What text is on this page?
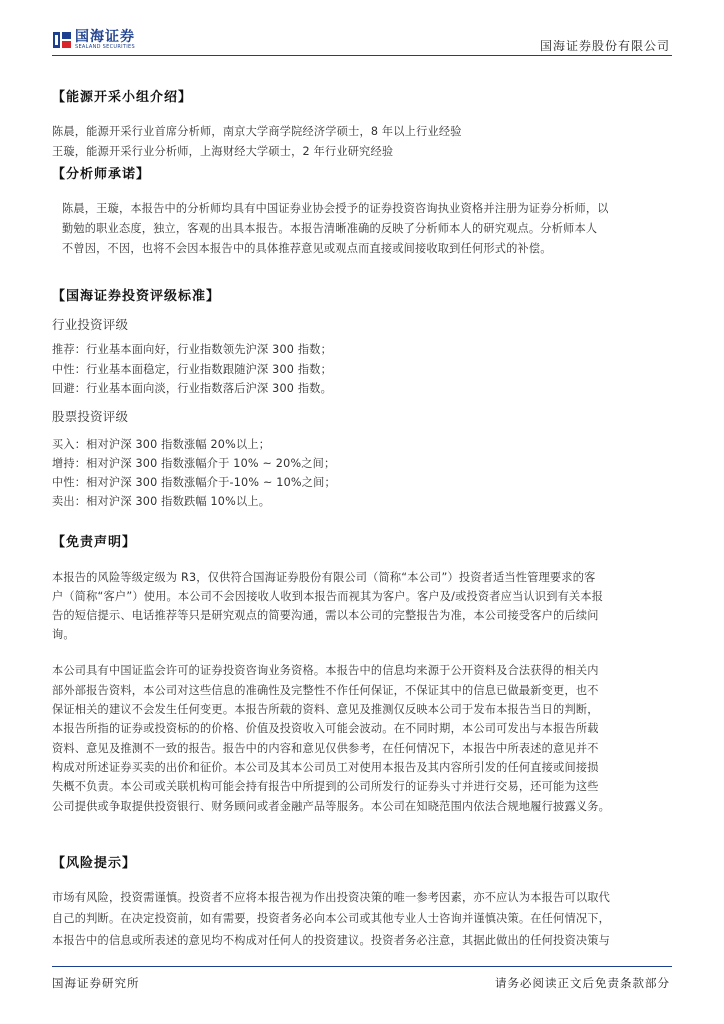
国海证券
SEALAND SECURITIES	国海证券股份有限公司
【能源开采小组介绍】
陈晨，能源开采行业首席分析师，南京大学商学院经济学硕士，8 年以上行业经验
王璇，能源开采行业分析师，上海财经大学硕士，2 年行业研究经验
【分析师承诺】
陈晨，王璇，本报告中的分析师均具有中国证券业协会授予的证券投资咨询执业资格并注册为证券分析师，以
勤勉的职业态度，独立，客观的出具本报告。本报告清晰准确的反映了分析师本人的研究观点。分析师本人
不曾因，不因，也将不会因本报告中的具体推荐意见或观点而直接或间接收取到任何形式的补偿。
【国海证券投资评级标准】
行业投资评级
推荐：行业基本面向好，行业指数领先沪深 300 指数；
中性：行业基本面稳定，行业指数跟随沪深 300 指数；
回避：行业基本面向淡，行业指数落后沪深 300 指数。
股票投资评级
买入：相对沪深 300 指数涨幅 20%以上；
增持：相对沪深 300 指数涨幅介于 10% ~ 20%之间；
中性：相对沪深 300 指数涨幅介于-10% ~ 10%之间；
卖出：相对沪深 300 指数跌幅 10%以上。
【免责声明】
本报告的风险等级定级为 R3，仅供符合国海证券股份有限公司（简称“本公司”）投资者适当性管理要求的客
户（简称“客户”）使用。本公司不会因接收人收到本报告而视其为客户。客户及/或投资者应当认识到有关本报
告的短信提示、电话推荐等只是研究观点的简要沟通，需以本公司的完整报告为准，本公司接受客户的后续问
询。
本公司具有中国证监会许可的证券投资咨询业务资格。本报告中的信息均来源于公开资料及合法获得的相关内
部外部报告资料，本公司对这些信息的准确性及完整性不作任何保证，不保证其中的信息已做最新变更，也不
保证相关的建议不会发生任何变更。本报告所载的资料、意见及推测仅反映本公司于发布本报告当日的判断，
本报告所指的证券或投资标的的价格、价值及投资收入可能会波动。在不同时期，本公司可发出与本报告所载
资料、意见及推测不一致的报告。报告中的内容和意见仅供参考，在任何情况下，本报告中所表述的意见并不
构成对所述证券买卖的出价和征价。本公司及其本公司员工对使用本报告及其内容所引发的任何直接或间接损
失概不负责。本公司或关联机构可能会持有报告中所提到的公司所发行的证券头寸并进行交易，还可能为这些
公司提供或争取提供投资银行、财务顾问或者金融产品等服务。本公司在知晓范围内依法合规地履行披露义务。
【风险提示】
市场有风险，投资需谨慎。投资者不应将本报告视为作出投资决策的唯一参考因素，亦不应认为本报告可以取代
自己的判断。在决定投资前，如有需要，投资者务必向本公司或其他专业人士咨询并谨慎决策。在任何情况下，
本报告中的信息或所表述的意见均不构成对任何人的投资建议。投资者务必注意，其据此做出的任何投资决策与
国海证券研究所	请务必阅读正文后免责条款部分
